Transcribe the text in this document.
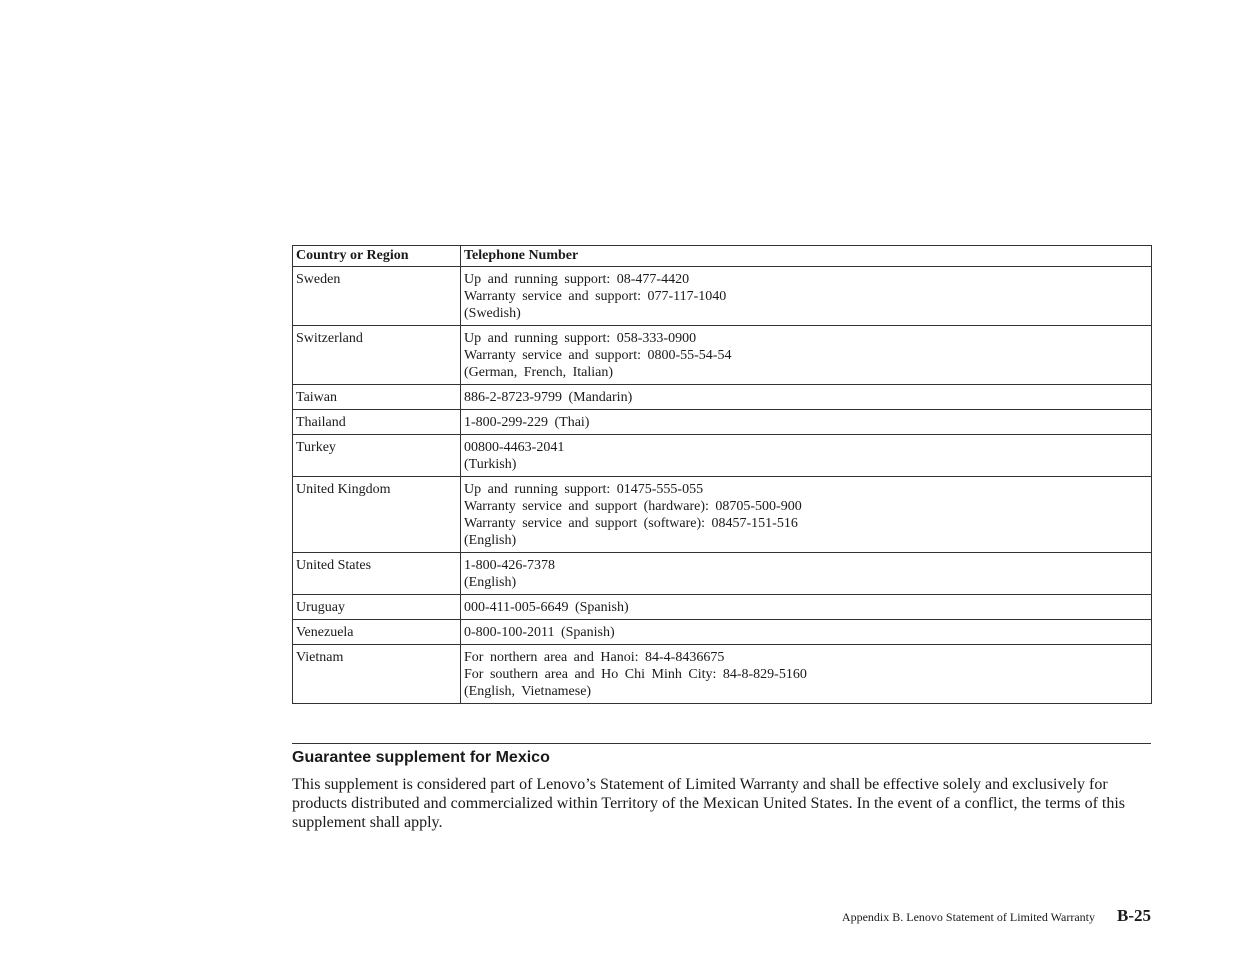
Country or Region	Telephone Number
Sweden	Up and running support: 08-477-4420
Warranty service and support: 077-117-1040
(Swedish)

Switzerland	Up and running support: 058-333-0900
Warranty service and support: 0800-55-54-54
(German, French, Italian)

Taiwan	886-2-8723-9799 (Mandarin)

Thailand	1-800-299-229 (Thai)

Turkey	00800-4463-2041
(Turkish)

United Kingdom	Up and running support: 01475-555-055
Warranty service and support (hardware): 08705-500-900
Warranty service and support (software): 08457-151-516
(English)

United States	1-800-426-7378
(English)

Uruguay	000-411-005-6649 (Spanish)

Venezuela	0-800-100-2011 (Spanish)

Vietnam	For northern area and Hanoi: 84-4-8436675
For southern area and Ho Chi Minh City: 84-8-829-5160
(English, Vietnamese)
Guarantee supplement for Mexico
This supplement is considered part of Lenovo’s Statement of Limited Warranty and shall be effective solely and exclusively for products distributed and commercialized within Territory of the Mexican United States. In the event of a conflict, the terms of this supplement shall apply.
Appendix B. Lenovo Statement of Limited Warranty B-25
